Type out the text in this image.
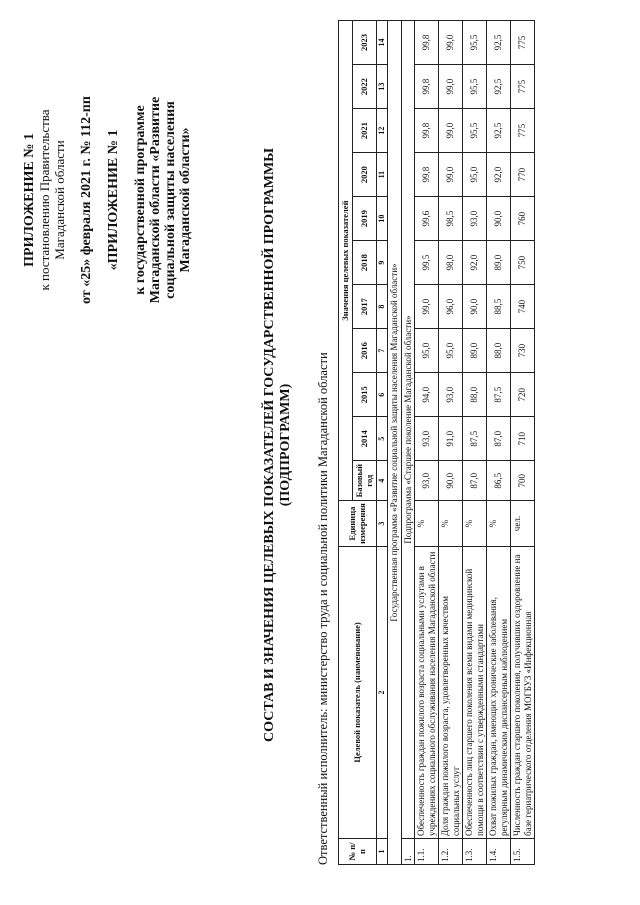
ПРИЛОЖЕНИЕ № 1 к постановлению Правительства Магаданской области от «25» февраля 2021 г. № 112-пп «ПРИЛОЖЕНИЕ № 1 к государственной программе Магаданской области «Развитие социальной защиты населения Магаданской области»	СОСТАВ И ЗНАЧЕНИЯ ЦЕЛЕВЫХ ПОКАЗАТЕЛЕЙ ГОСУДАРСТВЕННОЙ ПРОГРАММЫ (ПОДПРОГРАММ) Ответственный исполнитель: министерство труда и социальной политики Магаданской области № п/п	Целевой показатель (наименование)	Единица измерения	Значения целевых показателей										
			Базовый год	2014	2015	2016	2017	2018	2019	2020	2021	2022	2023
1	2	3	4	5	6	7	8	9	10	11	12	13	14
Государственная программа «Развитие социальной защиты населения Магаданской области»													
1.	Подпрограмма «Старшее поколение Магаданской области»												
1.1.	Обеспеченность граждан пожилого возраста социальными услугами в учреждениях социального обслуживания населения Магаданской области	%	93,0	93,0	94,0	95,0	99,0	99,5	99,6	99,8	99,8	99,8	99,8
1.2.	Доля граждан пожилого возраста, удовлетворенных качеством социальных услуг	%	90,0	91,0	93,0	95,0	96,0	98,0	98,5	99,0	99,0	99,0	99,0
1.3.	Обеспеченность лиц старшего поколения всеми видами медицинской помощи в соответствии с утвержденными стандартами	%	87,0	87,5	88,0	89,0	90,0	92,0	93,0	95,0	95,5	95,5	95,5
1.4.	Охват пожилых граждан, имеющих хронические заболевания, регулярным динамическим диспансерным наблюдением	%	86,5	87,0	87,5	88,0	88,5	89,0	90,0	92,0	92,5	92,5	92,5
1.5.	Численность граждан старшего поколения, получивших оздоровление на базе гериатрического отделения МОГБУЗ «Инфекционная	чел.	700	710	720	730	740	750	760	770	775	775	775
